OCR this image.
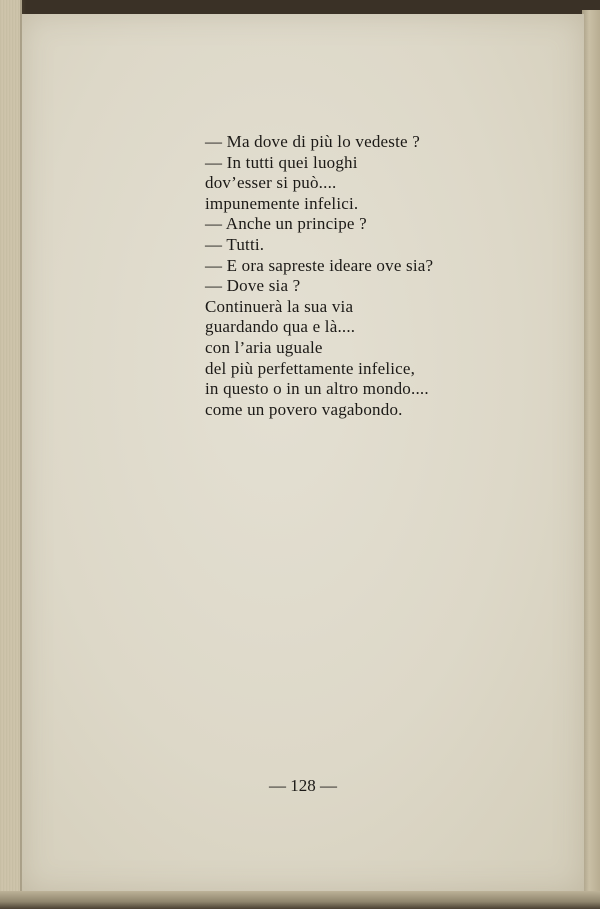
— Ma dove di più lo vedeste ?
— In tutti quei luoghi
dov’esser si può....
impunemente infelici.
— Anche un principe ?
— Tutti.
— E ora sapreste ideare ove sia?
— Dove sia ?
Continuerà la sua via
guardando qua e là....
con l’aria uguale
del più perfettamente infelice,
in questo o in un altro mondo....
come un povero vagabondo.
— 128 —
